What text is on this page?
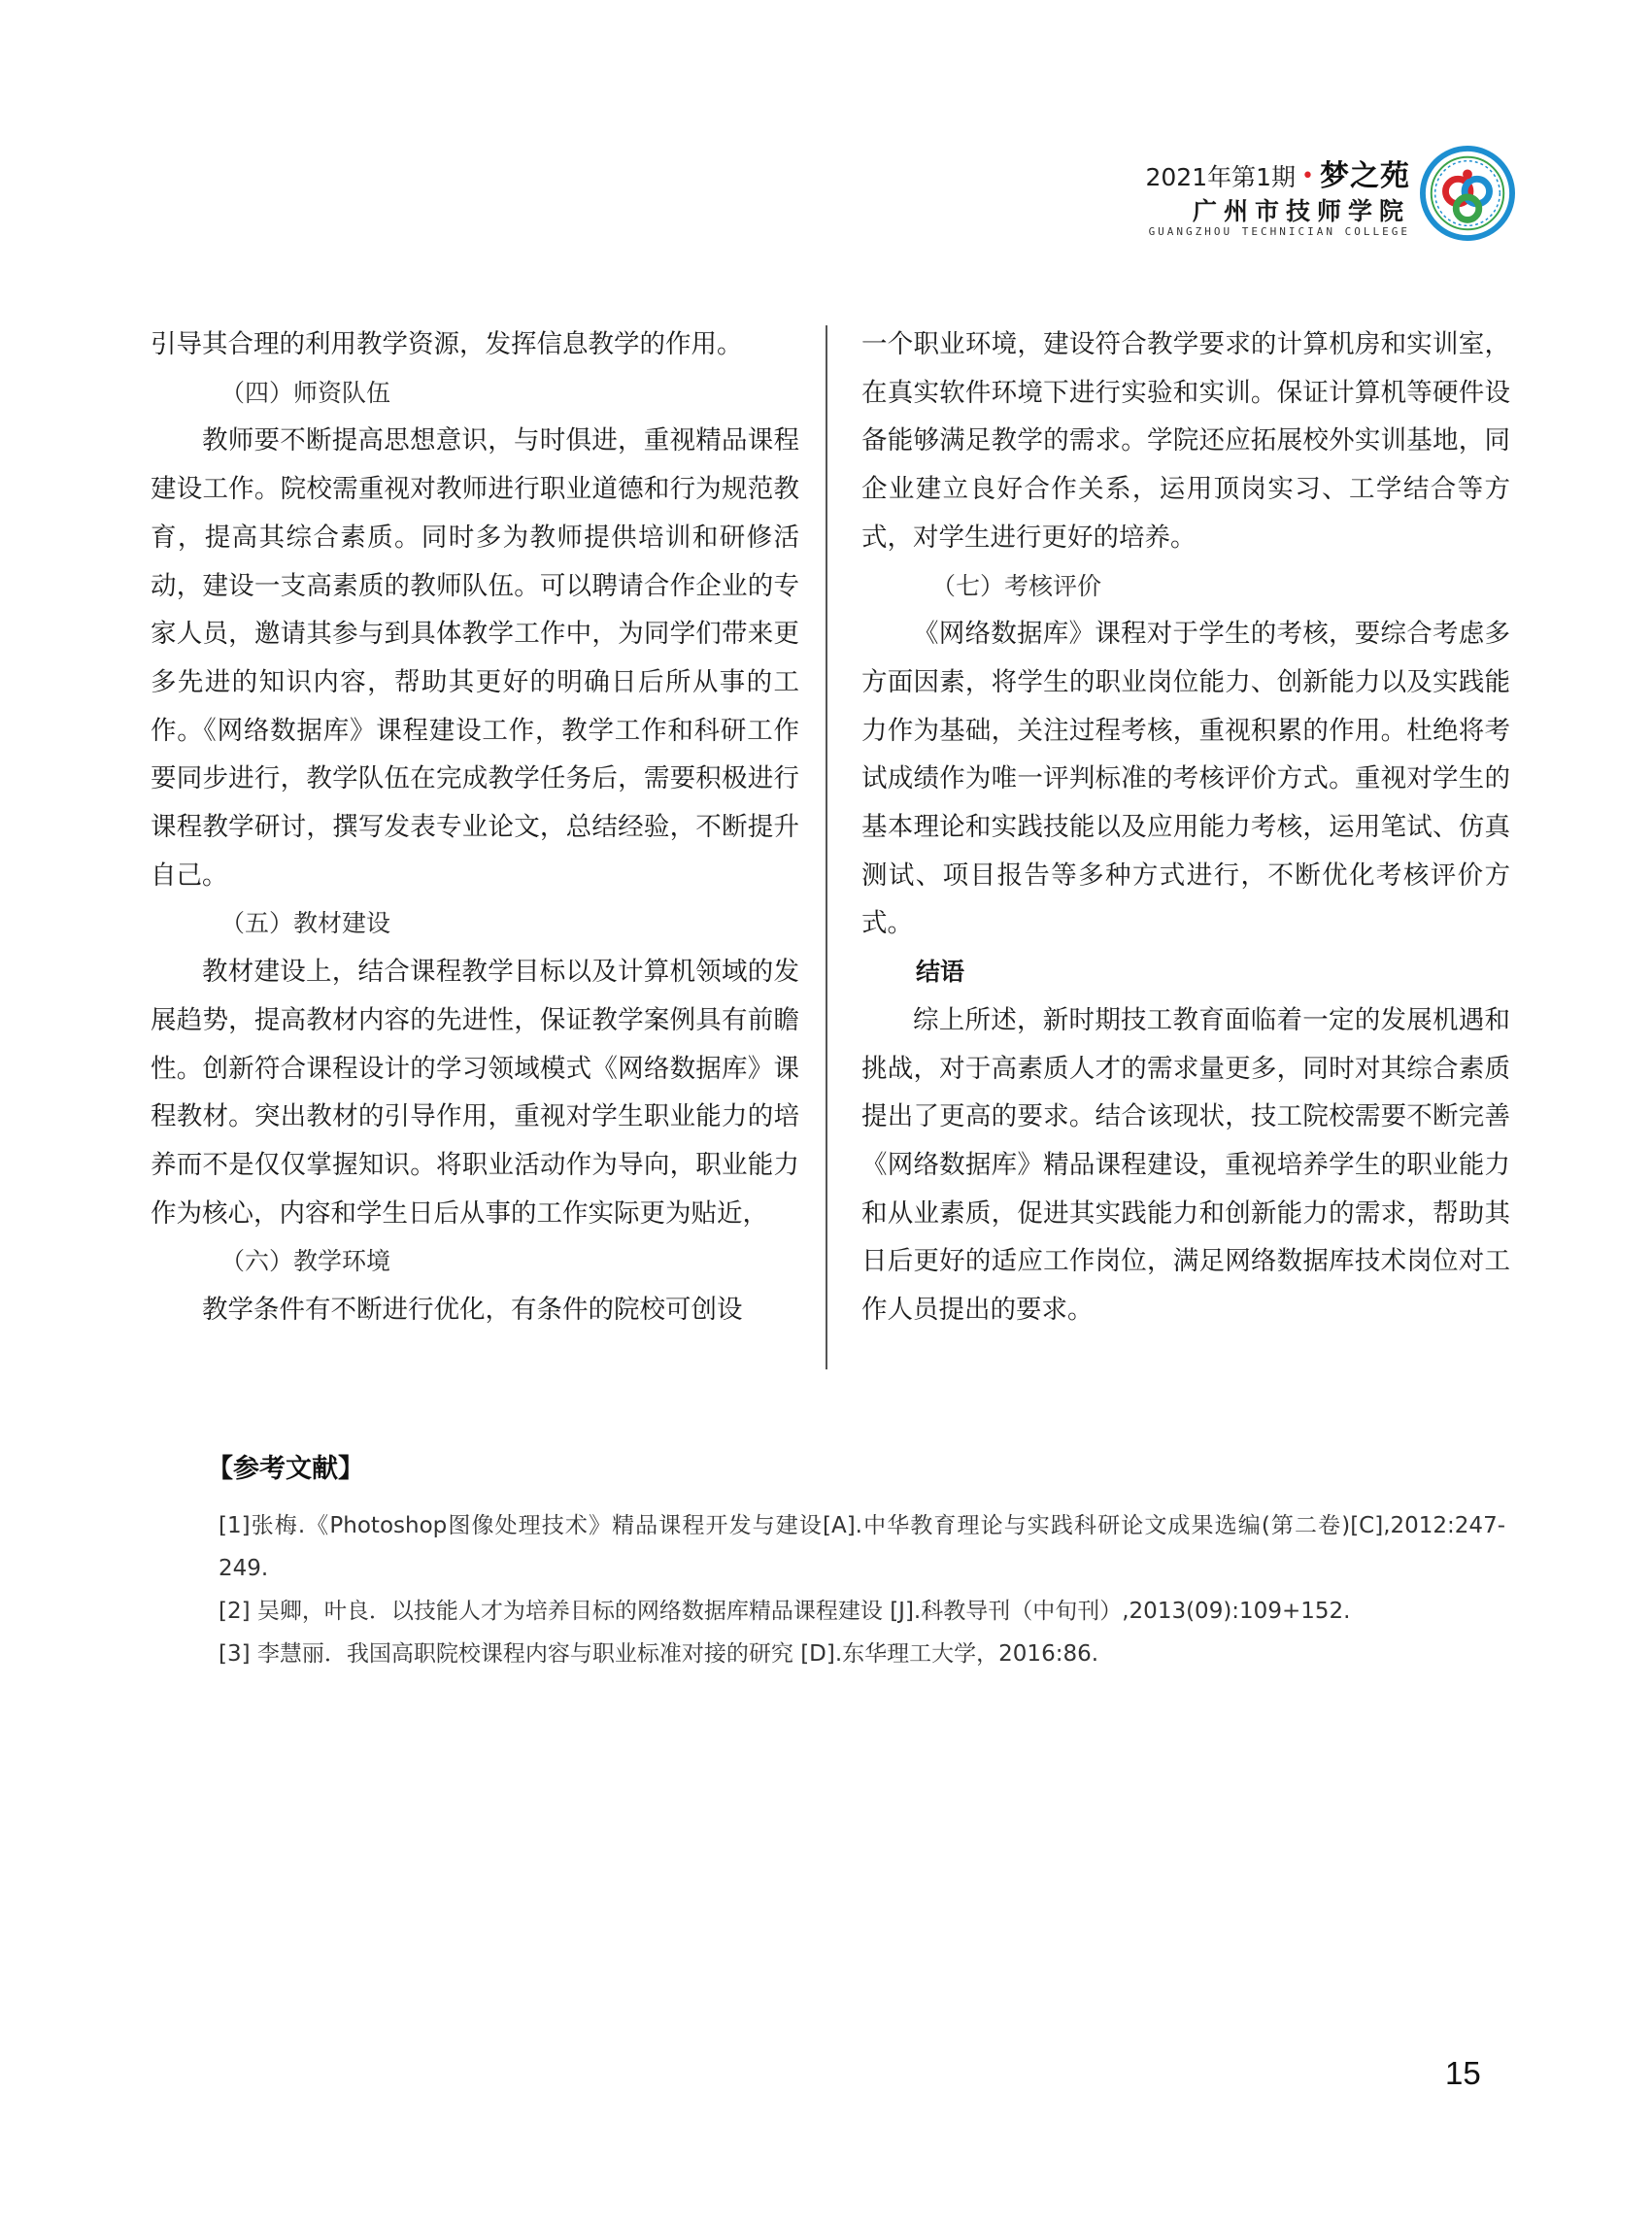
2021年第1期 • 梦之苑
广州市技师学院
GUANGZHOU TECHNICIAN COLLEGE

引导其合理的利用教学资源，发挥信息教学的作用。

（四）师资队伍

教师要不断提高思想意识，与时俱进，重视精品课程建设工作。院校需重视对教师进行职业道德和行为规范教育，提高其综合素质。同时多为教师提供培训和研修活动，建设一支高素质的教师队伍。可以聘请合作企业的专家人员，邀请其参与到具体教学工作中，为同学们带来更多先进的知识内容，帮助其更好的明确日后所从事的工作。《网络数据库》课程建设工作，教学工作和科研工作要同步进行，教学队伍在完成教学任务后，需要积极进行课程教学研讨，撰写发表专业论文，总结经验，不断提升自己。

（五）教材建设

教材建设上，结合课程教学目标以及计算机领域的发展趋势，提高教材内容的先进性，保证教学案例具有前瞻性。创新符合课程设计的学习领域模式《网络数据库》课程教材。突出教材的引导作用，重视对学生职业能力的培养而不是仅仅掌握知识。将职业活动作为导向，职业能力作为核心，内容和学生日后从事的工作实际更为贴近，

（六）教学环境

教学条件有不断进行优化，有条件的院校可创设

一个职业环境，建设符合教学要求的计算机房和实训室，在真实软件环境下进行实验和实训。保证计算机等硬件设备能够满足教学的需求。学院还应拓展校外实训基地，同企业建立良好合作关系，运用顶岗实习、工学结合等方式，对学生进行更好的培养。

（七）考核评价

《网络数据库》课程对于学生的考核，要综合考虑多方面因素，将学生的职业岗位能力、创新能力以及实践能力作为基础，关注过程考核，重视积累的作用。杜绝将考试成绩作为唯一评判标准的考核评价方式。重视对学生的基本理论和实践技能以及应用能力考核，运用笔试、仿真测试、项目报告等多种方式进行，不断优化考核评价方式。

结语

综上所述，新时期技工教育面临着一定的发展机遇和挑战，对于高素质人才的需求量更多，同时对其综合素质提出了更高的要求。结合该现状，技工院校需要不断完善《网络数据库》精品课程建设，重视培养学生的职业能力和从业素质，促进其实践能力和创新能力的需求，帮助其日后更好的适应工作岗位，满足网络数据库技术岗位对工作人员提出的要求。

【参考文献】

[1]张梅.《Photoshop图像处理技术》精品课程开发与建设[A].中华教育理论与实践科研论文成果选编(第二卷)[C],2012:247-249.

[2] 吴卿，叶良．以技能人才为培养目标的网络数据库精品课程建设 [J].科教导刊（中旬刊）,2013(09):109+152.

[3] 李慧丽．我国高职院校课程内容与职业标准对接的研究 [D].东华理工大学，2016:86.

15
